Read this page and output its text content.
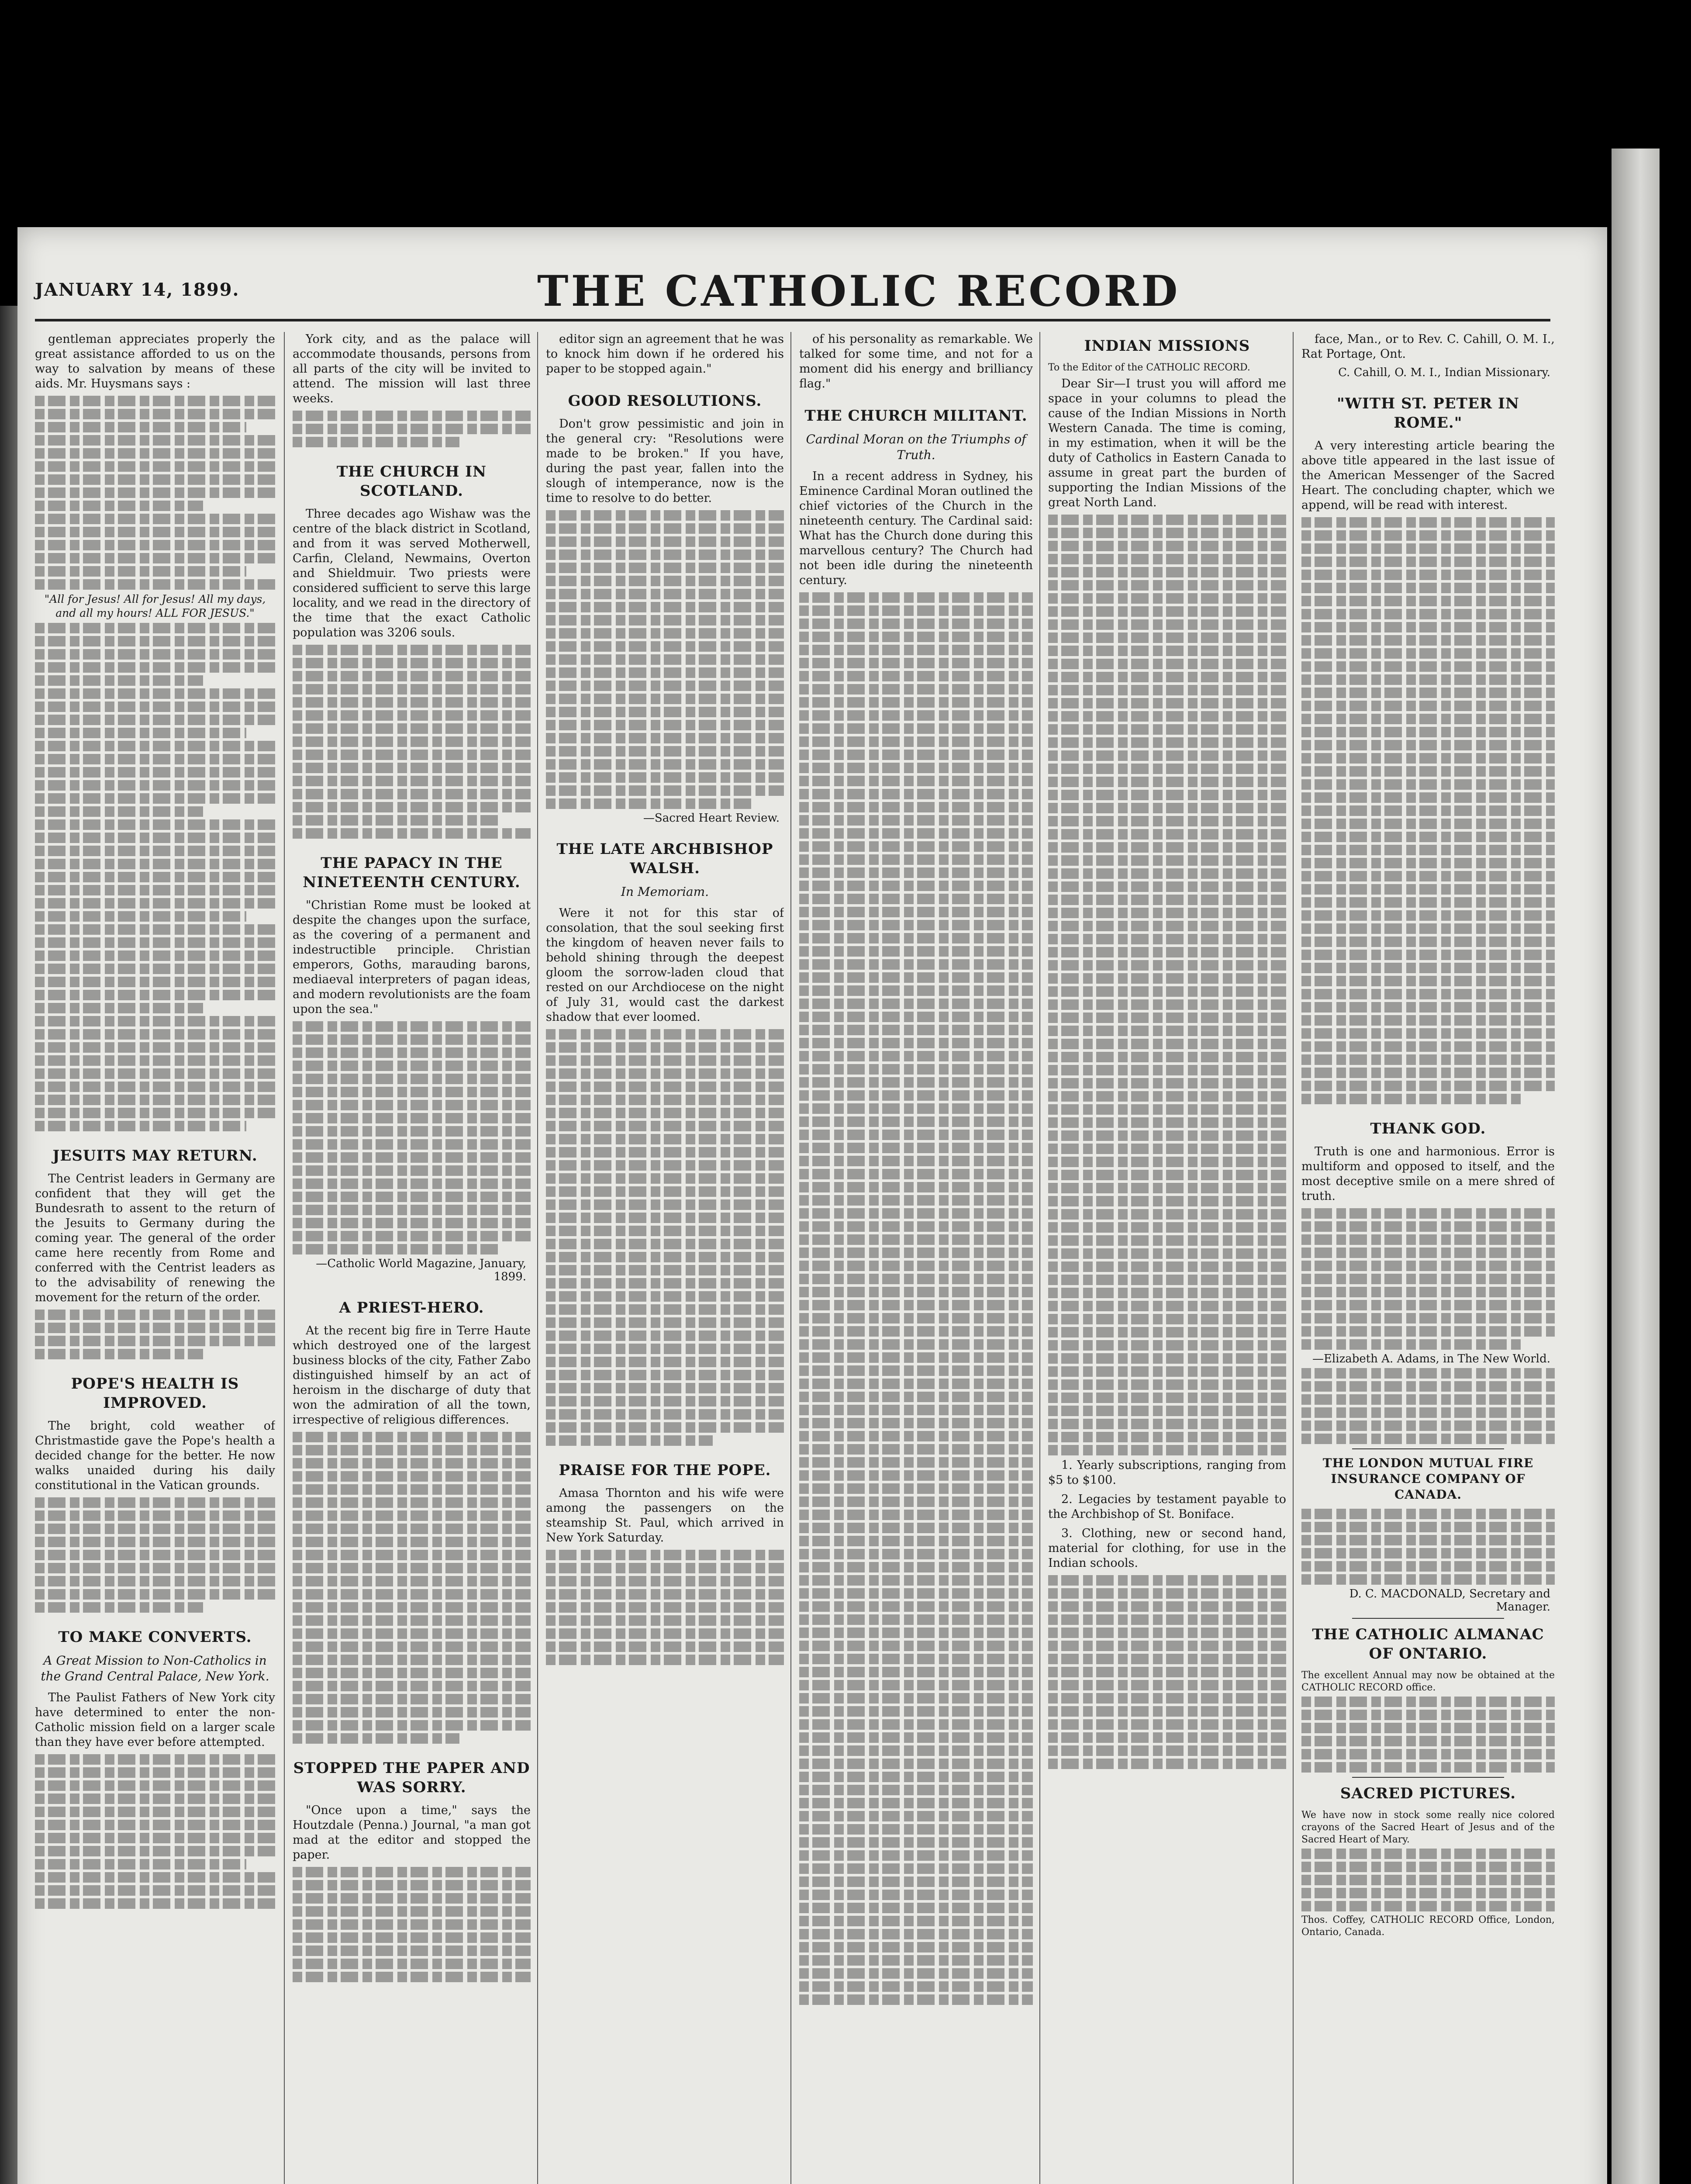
JANUARY 14, 1899.	THE CATHOLIC RECORD
gentleman appreciates properly the great assistance afforded to us on the way to salvation by means of these aids. Mr. Huysmans says :
"All for Jesus! All for Jesus! All my days, and all my hours! ALL FOR JESUS."
JESUITS MAY RETURN.
The Centrist leaders in Germany are confident that they will get the Bundesrath to assent to the return of the Jesuits to Germany during the coming year. The general of the order came here recently from Rome and conferred with the Centrist leaders as to the advisability of renewing the movement for the return of the order.
POPE'S HEALTH IS IMPROVED.
The bright, cold weather of Christmastide gave the Pope's health a decided change for the better. He now walks unaided during his daily constitutional in the Vatican grounds.
TO MAKE CONVERTS.
A Great Mission to Non-Catholics in the Grand Central Palace, New York.
The Paulist Fathers of New York city have determined to enter the non-Catholic mission field on a larger scale than they have ever before attempted.
York city, and as the palace will accommodate thousands, persons from all parts of the city will be invited to attend. The mission will last three weeks.
THE CHURCH IN SCOTLAND.
Three decades ago Wishaw was the centre of the black district in Scotland, and from it was served Motherwell, Carfin, Cleland, Newmains, Overton and Shieldmuir. Two priests were considered sufficient to serve this large locality, and we read in the directory of the time that the exact Catholic population was 3206 souls.
THE PAPACY IN THE NINETEENTH CENTURY.
"Christian Rome must be looked at despite the changes upon the surface, as the covering of a permanent and indestructible principle. Christian emperors, Goths, marauding barons, mediaeval interpreters of pagan ideas, and modern revolutionists are the foam upon the sea."
—Catholic World Magazine, January, 1899.
A PRIEST-HERO.
At the recent big fire in Terre Haute which destroyed one of the largest business blocks of the city, Father Zabo distinguished himself by an act of heroism in the discharge of duty that won the admiration of all the town, irrespective of religious differences.
STOPPED THE PAPER AND WAS SORRY.
"Once upon a time," says the Houtzdale (Penna.) Journal, "a man got mad at the editor and stopped the paper.
editor sign an agreement that he was to knock him down if he ordered his paper to be stopped again."
GOOD RESOLUTIONS.
Don't grow pessimistic and join in the general cry: "Resolutions were made to be broken." If you have, during the past year, fallen into the slough of intemperance, now is the time to resolve to do better.
—Sacred Heart Review.
THE LATE ARCHBISHOP WALSH.
In Memoriam.
Were it not for this star of consolation, that the soul seeking first the kingdom of heaven never fails to behold shining through the deepest gloom the sorrow-laden cloud that rested on our Archdiocese on the night of July 31, would cast the darkest shadow that ever loomed.
PRAISE FOR THE POPE.
Amasa Thornton and his wife were among the passengers on the steamship St. Paul, which arrived in New York Saturday.
of his personality as remarkable. We talked for some time, and not for a moment did his energy and brilliancy flag."
THE CHURCH MILITANT.
Cardinal Moran on the Triumphs of Truth.
In a recent address in Sydney, his Eminence Cardinal Moran outlined the chief victories of the Church in the nineteenth century. The Cardinal said: What has the Church done during this marvellous century? The Church had not been idle during the nineteenth century.
INDIAN MISSIONS
To the Editor of the CATHOLIC RECORD.
Dear Sir—I trust you will afford me space in your columns to plead the cause of the Indian Missions in North Western Canada. The time is coming, in my estimation, when it will be the duty of Catholics in Eastern Canada to assume in great part the burden of supporting the Indian Missions of the great North Land.
1. Yearly subscriptions, ranging from $5 to $100.
2. Legacies by testament payable to the Archbishop of St. Boniface.
3. Clothing, new or second hand, material for clothing, for use in the Indian schools.
face, Man., or to Rev. C. Cahill, O. M. I., Rat Portage, Ont.
C. Cahill, O. M. I., Indian Missionary.
"WITH ST. PETER IN ROME."
A very interesting article bearing the above title appeared in the last issue of the American Messenger of the Sacred Heart. The concluding chapter, which we append, will be read with interest.
THANK GOD.
Truth is one and harmonious. Error is multiform and opposed to itself, and the most deceptive smile on a mere shred of truth.
—Elizabeth A. Adams, in The New World.
THE LONDON MUTUAL FIRE INSURANCE COMPANY OF CANADA.
D. C. MACDONALD, Secretary and Manager.
THE CATHOLIC ALMANAC OF ONTARIO.
The excellent Annual may now be obtained at the CATHOLIC RECORD office.
SACRED PICTURES.
We have now in stock some really nice colored crayons of the Sacred Heart of Jesus and of the Sacred Heart of Mary.
Thos. Coffey, CATHOLIC RECORD Office, London, Ontario, Canada.
